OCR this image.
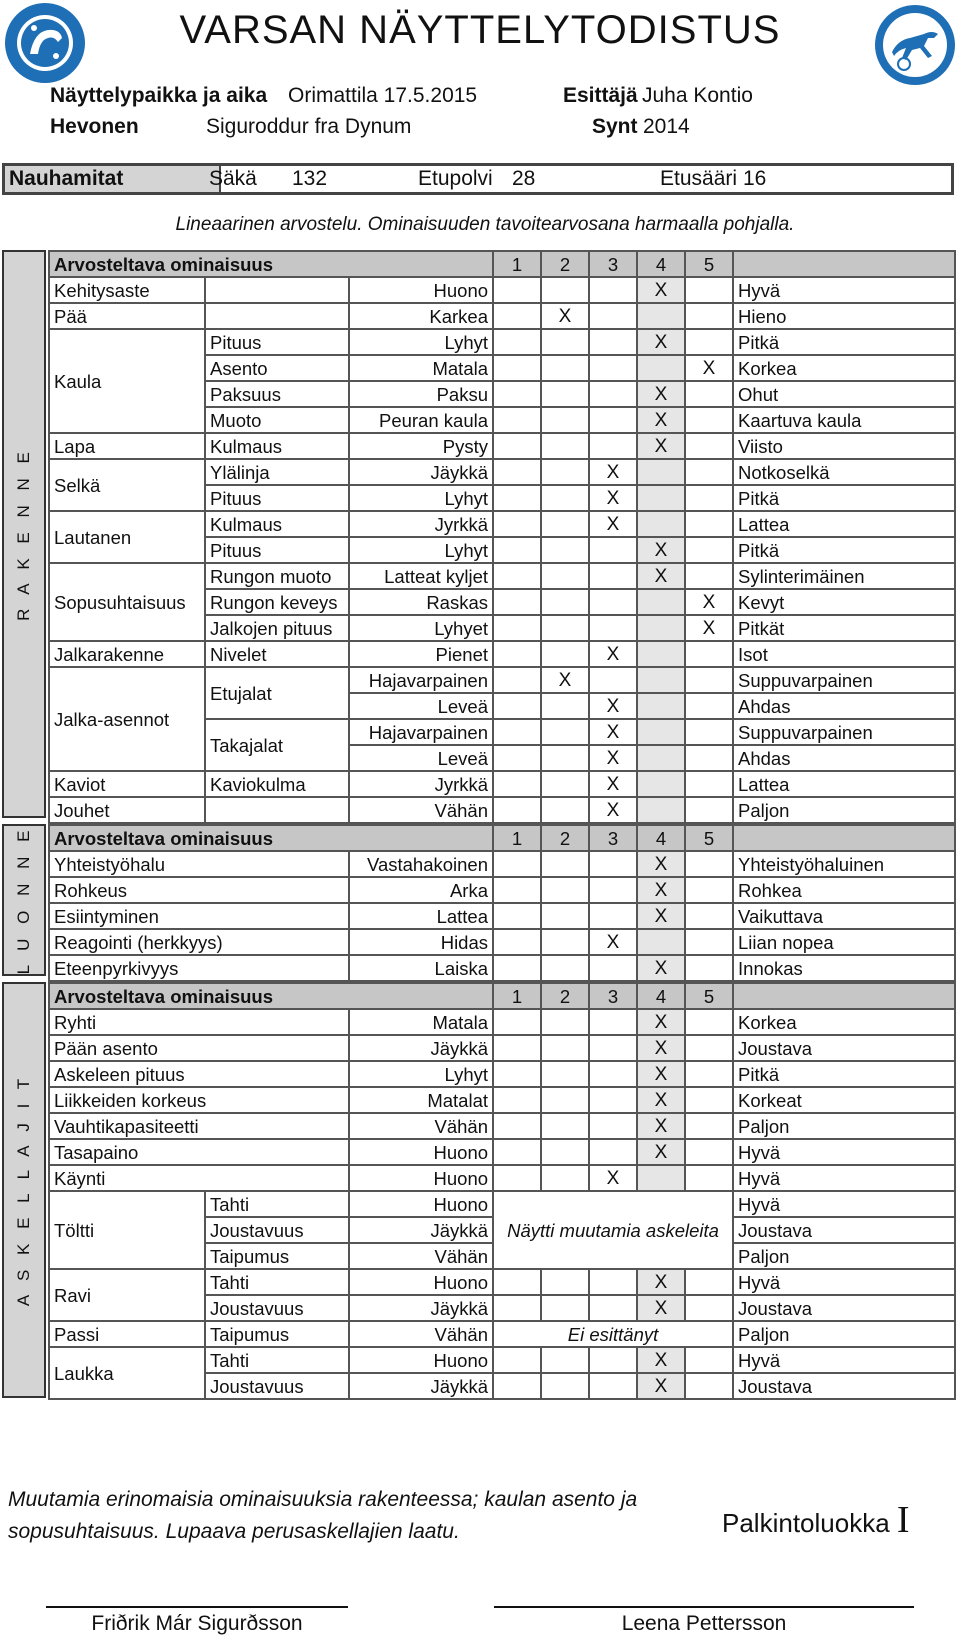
VARSAN NÄYTTELYTODISTUS
Näyttelypaikka ja aika Orimattila 17.5.2015	Esittäjä Juha Kontio
Hevonen	Siguroddur fra Dynum	Synt 2014
Nauhamitat	Säkä 132	Etupolvi 28	Etusääri 16
Lineaarinen arvostelu. Ominaisuuden tavoitearvosana harmaalla pohjalla.
R A K E N N E
L U O N N E
A S K E L L A J I T
Arvosteltava ominaisuus			1	2	3	4	5	
Kehitysaste		Huono				X		Hyvä
Pää		Karkea		X				Hieno
Kaula	Pituus	Lyhyt				X		Pitkä
	Asento	Matala					X	Korkea
	Paksuus	Paksu				X		Ohut
	Muoto	Peuran kaula				X		Kaartuva kaula
Lapa	Kulmaus	Pysty				X		Viisto
Selkä	Ylälinja	Jäykkä			X			Notkoselkä
	Pituus	Lyhyt			X			Pitkä
Lautanen	Kulmaus	Jyrkkä			X			Lattea
	Pituus	Lyhyt				X		Pitkä
Sopusuhtaisuus	Rungon muoto	Latteat kyljet				X		Sylinterimäinen
	Rungon keveys	Raskas					X	Kevyt
	Jalkojen pituus	Lyhyet					X	Pitkät
Jalkarakenne	Nivelet	Pienet			X			Isot
Jalka-asennot	Etujalat	Hajavarpainen		X				Suppuvarpainen
		Leveä			X			Ahdas
	Takajalat	Hajavarpainen			X			Suppuvarpainen
		Leveä			X			Ahdas
Kaviot	Kaviokulma	Jyrkkä			X			Lattea
Jouhet		Vähän			X			Paljon
Arvosteltava ominaisuus		1	2	3	4	5	
Yhteistyöhalu	Vastahakoinen				X		Yhteistyöhaluinen
Rohkeus	Arka				X		Rohkea
Esiintyminen	Lattea				X		Vaikuttava
Reagointi (herkkyys)	Hidas			X			Liian nopea
Eteenpyrkivyys	Laiska				X		Innokas
Arvosteltava ominaisuus			1	2	3	4	5	
Ryhti		Matala				X		Korkea
Pään asento		Jäykkä				X		Joustava
Askeleen pituus		Lyhyt				X		Pitkä
Liikkeiden korkeus		Matalat				X		Korkeat
Vauhtikapasiteetti		Vähän				X		Paljon
Tasapaino		Huono				X		Hyvä
Käynti		Huono			X			Hyvä
Töltti	Tahti	Huono	Näytti muutamia askeleita					Hyvä
	Joustavuus	Jäykkä						Joustava
	Taipumus	Vähän						Paljon
Ravi	Tahti	Huono				X		Hyvä
	Joustavuus	Jäykkä				X		Joustava
Passi	Taipumus	Vähän	Ei esittänyt					Paljon
Laukka	Tahti	Huono				X		Hyvä
	Joustavuus	Jäykkä				X		Joustava
Muutamia erinomaisia ominaisuuksia rakenteessa; kaulan asento ja sopusuhtaisuus. Lupaava perusaskellajien laatu.	Palkintoluokka I
Friðrik Már Sigurðsson	Leena Pettersson
